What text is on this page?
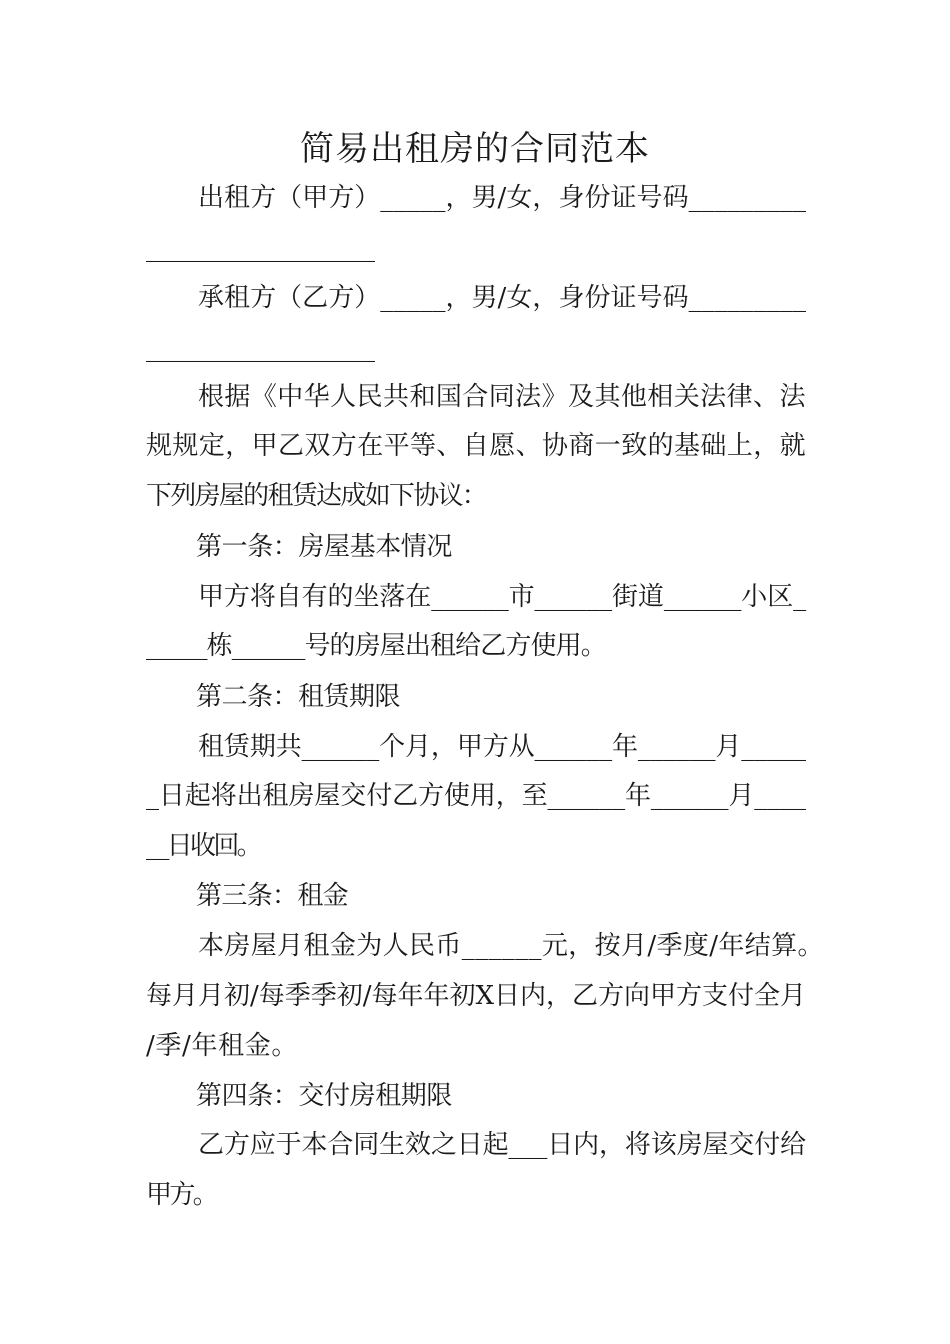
简易出租房的合同范本
出租方（甲方）_____，男/女，身份证号码_________
___________________
承租方（乙方）_____，男/女，身份证号码_________
___________________
根据《中华人民共和国合同法》及其他相关法律、法
规规定，甲乙双方在平等、自愿、协商一致的基础上，就
下列房屋的租赁达成如下协议：
第一条：房屋基本情况
甲方将自有的坐落在______市______街道______小区_
_____栋______号的房屋出租给乙方使用。
第二条：租赁期限
租赁期共______个月，甲方从______年______月_____
_日起将出租房屋交付乙方使用，至______年______月____
__日收回。
第三条：租金
本房屋月租金为人民币______元，按月/季度/年结算。
每月月初/每季季初/每年年初X日内，乙方向甲方支付全月
/季/年租金。
第四条：交付房租期限
乙方应于本合同生效之日起___日内，将该房屋交付给
甲方。
